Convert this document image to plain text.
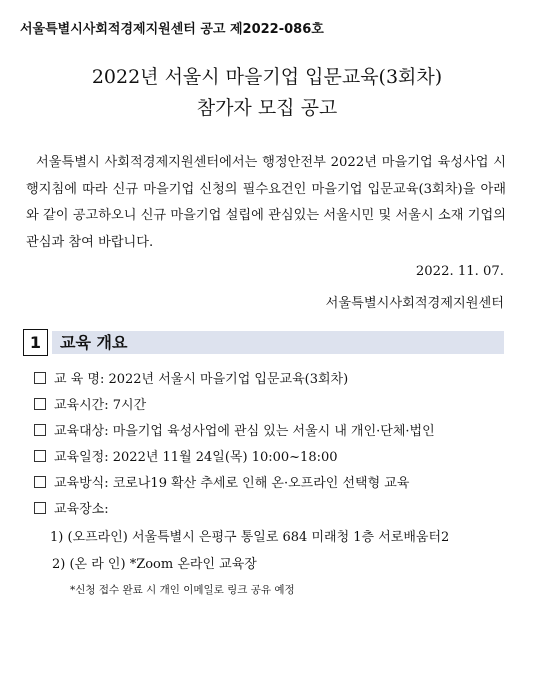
서울특별시사회적경제지원센터 공고 제2022-086호

2022년 서울시 마을기업 입문교육(3회차)
참가자 모집 공고

서울특별시 사회적경제지원센터에서는 행정안전부 2022년 마을기업 육성사업 시행지침에 따라 신규 마을기업 신청의 필수요건인 마을기업 입문교육(3회차)을 아래와 같이 공고하오니 신규 마을기업 설립에 관심있는 서울시민 및 서울시 소재 기업의 관심과 참여 바랍니다.

2022. 11. 07.

서울특별시사회적경제지원센터

1	교육 개요
교 육 명: 2022년 서울시 마을기업 입문교육(3회차)
교육시간: 7시간
교육대상: 마을기업 육성사업에 관심 있는 서울시 내 개인·단체·법인
교육일정: 2022년 11월 24일(목) 10:00~18:00
교육방식: 코로나19 확산 추세로 인해 온·오프라인 선택형 교육
교육장소:
1) (오프라인) 서울특별시 은평구 통일로 684 미래청 1층 서로배움터2
2) (온 라 인) *Zoom 온라인 교육장
*신청 접수 완료 시 개인 이메일로 링크 공유 예정
